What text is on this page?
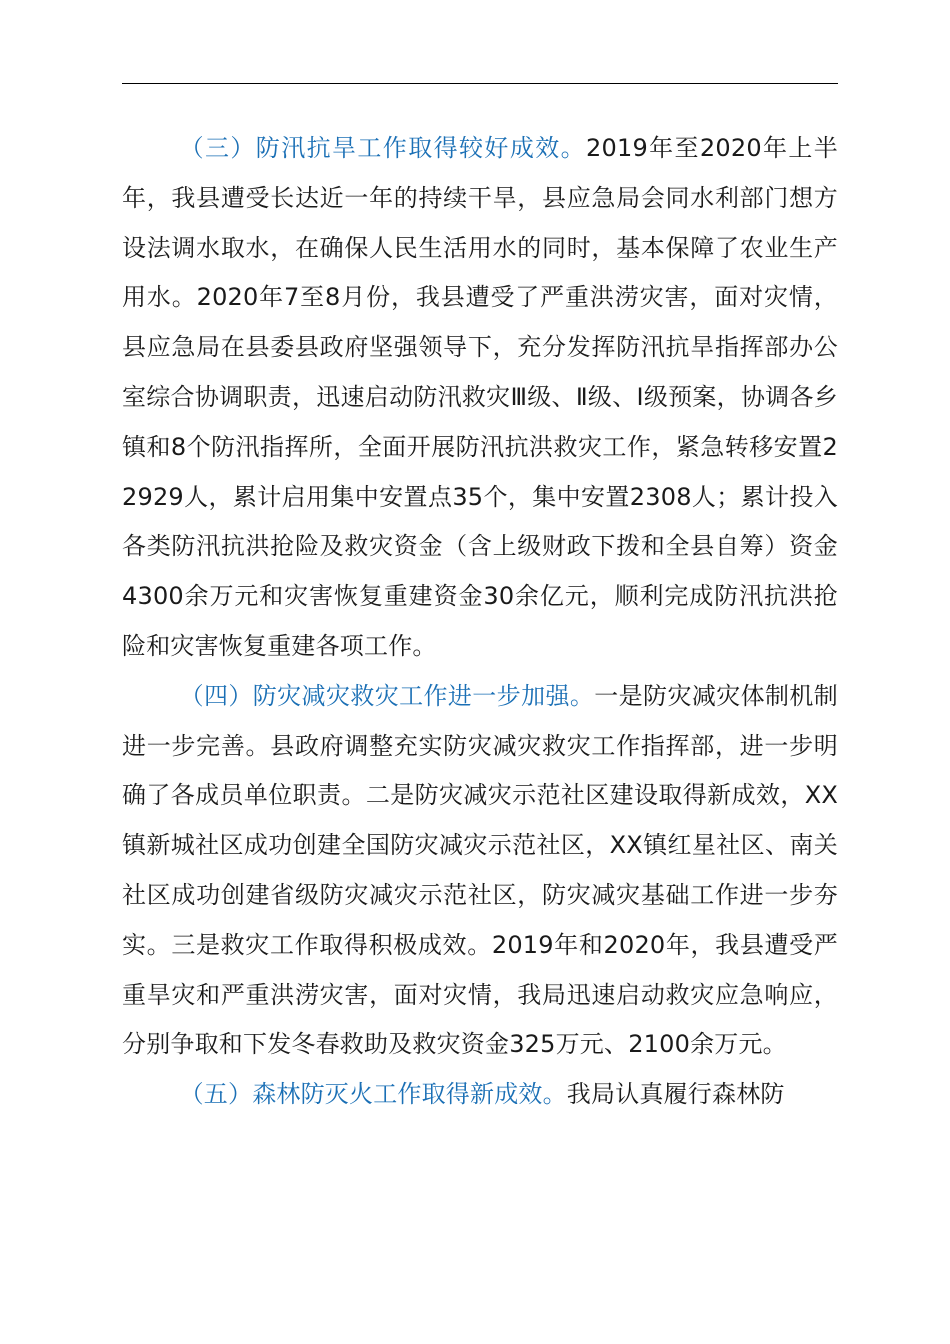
（三）防汛抗旱工作取得较好成效。2019年至2020年上半年，我县遭受长达近一年的持续干旱，县应急局会同水利部门想方设法调水取水，在确保人民生活用水的同时，基本保障了农业生产用水。2020年7至8月份，我县遭受了严重洪涝灾害，面对灾情，县应急局在县委县政府坚强领导下，充分发挥防汛抗旱指挥部办公室综合协调职责，迅速启动防汛救灾Ⅲ级、Ⅱ级、Ⅰ级预案，协调各乡镇和8个防汛指挥所，全面开展防汛抗洪救灾工作，紧急转移安置22929人，累计启用集中安置点35个，集中安置2308人；累计投入各类防汛抗洪抢险及救灾资金（含上级财政下拨和全县自筹）资金4300余万元和灾害恢复重建资金30余亿元，顺利完成防汛抗洪抢险和灾害恢复重建各项工作。

（四）防灾减灾救灾工作进一步加强。一是防灾减灾体制机制进一步完善。县政府调整充实防灾减灾救灾工作指挥部，进一步明确了各成员单位职责。二是防灾减灾示范社区建设取得新成效，XX镇新城社区成功创建全国防灾减灾示范社区，XX镇红星社区、南关社区成功创建省级防灾减灾示范社区，防灾减灾基础工作进一步夯实。三是救灾工作取得积极成效。2019年和2020年，我县遭受严重旱灾和严重洪涝灾害，面对灾情，我局迅速启动救灾应急响应，分别争取和下发冬春救助及救灾资金325万元、2100余万元。

（五）森林防灭火工作取得新成效。我局认真履行森林防
